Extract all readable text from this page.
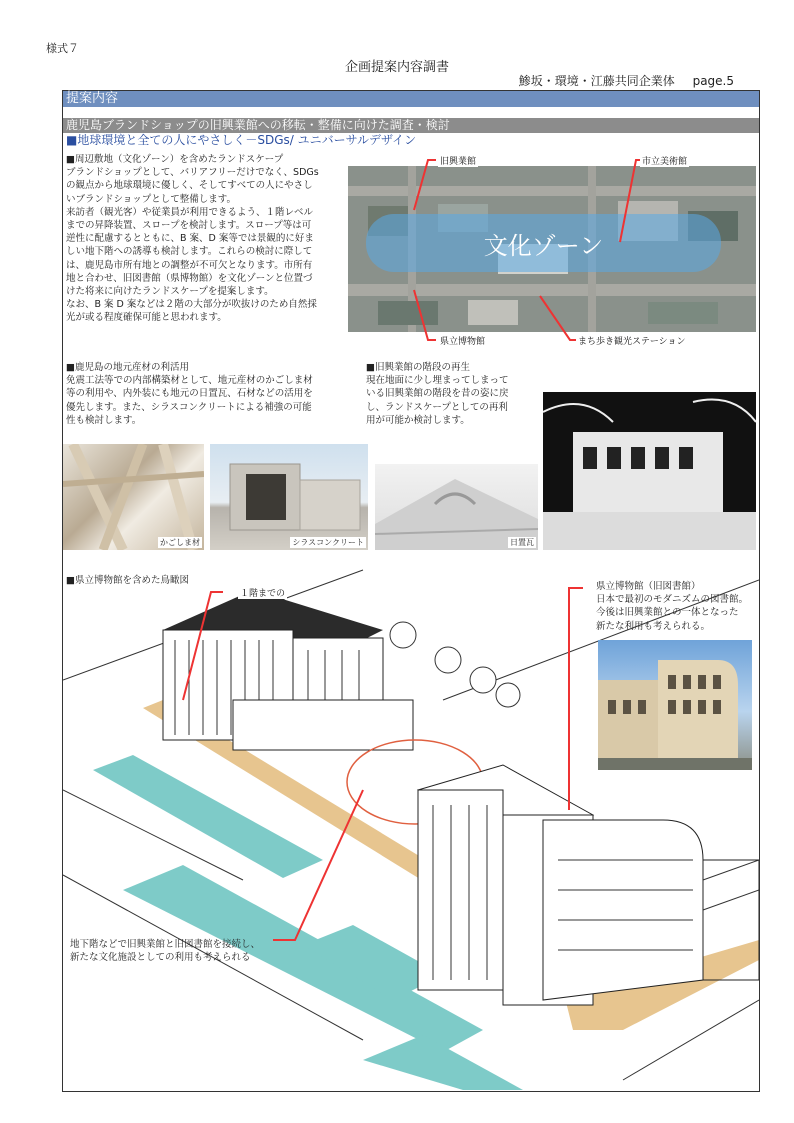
様式７
企画提案内容調書
鯵坂・環境・江藤共同企業体 page.5
提案内容
鹿児島ブランドショップの旧興業館への移転・整備に向けた調査・検討
■地球環境と全ての人にやさしく－SDGs/ ユニバーサルデザイン
■周辺敷地（文化ゾーン）を含めたランドスケープ
ブランドショップとして、バリアフリーだけでなく、SDGs
の観点から地球環境に優しく、そしてすべての人にやさし
いブランドショップとして整備します。
来訪者（観光客）や従業員が利用できるよう、１階レベル
までの昇降装置、スロープを検討します。スロープ等は可
逆性に配慮するとともに、B 案、D 案等では景観的に好ま
しい地下階への誘導も検討します。これらの検討に際して
は、鹿児島市所有地との調整が不可欠となります。市所有
地と合わせ、旧図書館（県博物館）を文化ゾーンと位置づ
けた将来に向けたランドスケープを提案します。
なお、B 案 D 案などは２階の大部分が吹抜けのため自然採
光が或る程度確保可能と思われます。
文化ゾーン
旧興業館	市立美術館
県立博物館	まち歩き観光ステーション
■鹿児島の地元産材の利活用
免震工法等での内部構築材として、地元産材のかごしま材
等の利用や、内外装にも地元の日置瓦、石材などの活用を
優先します。また、シラスコンクリートによる補強の可能
性も検討します。
■旧興業館の階段の再生
現在地面に少し埋まってしまって
いる旧興業館の階段を昔の姿に戻
し、ランドスケープとしての再利
用が可能か検討します。
かごしま材	シラスコンクリート	日置瓦
■県立博物館を含めた鳥瞰図
１階までの
県立博物館（旧図書館）
日本で最初のモダニズムの図書館。
今後は旧興業館との一体となった
新たな利用も考えられる。
地下階などで旧興業館と旧図書館を接続し、
新たな文化施設としての利用も考えられる
